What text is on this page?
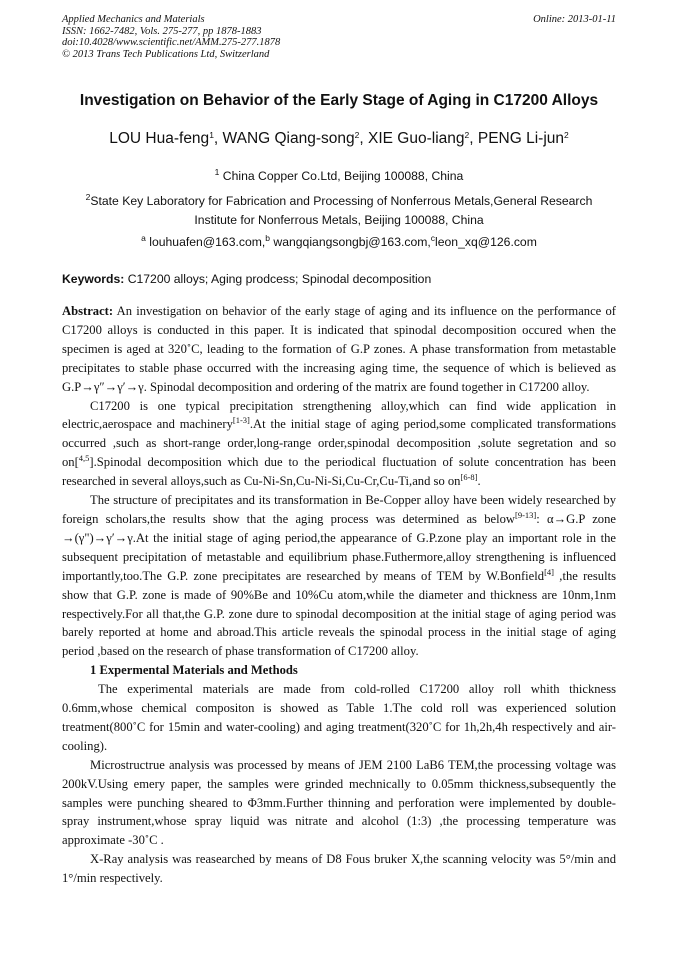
Applied Mechanics and Materials
ISSN: 1662-7482, Vols. 275-277, pp 1878-1883
doi:10.4028/www.scientific.net/AMM.275-277.1878
© 2013 Trans Tech Publications Ltd, Switzerland
Online: 2013-01-11
Investigation on Behavior of the Early Stage of Aging in C17200 Alloys
LOU Hua-feng$^1$, WANG Qiang-song$^2$, XIE Guo-liang$^2$, PENG Li-jun$^2$
$^1$ China Copper Co.Ltd, Beijing 100088, China
$^2$State Key Laboratory for Fabrication and Processing of Nonferrous Metals,General Research
Institute for Nonferrous Metals, Beijing 100088, China
$^a$ louhuafen@163.com,$^b$ wangqiangsongbj@163.com,$^c$leon_xq@126.com
Keywords: C17200 alloys; Aging prodcess; Spinodal decomposition

Abstract: An investigation on behavior of the early stage of aging and its influence on the performance of C17200 alloys is conducted in this paper. It is indicated that spinodal decomposition occured when the specimen is aged at 320˚C, leading to the formation of G.P zones. A phase transformation from metastable precipitates to stable phase occurred with the increasing aging time, the sequence of which is believed as G.P→γ″→γ′→γ. Spinodal decomposition and ordering of the matrix are found together in C17200 alloy.

C17200 is one typical precipitation strengthening alloy,which can find wide application in electric,aerospace and machinery[1-3].At the initial stage of aging period,some complicated transformations occurred ,such as short-range order,long-range order,spinodal decomposition ,solute segretation and so on[$^{4,5}$].Spinodal decomposition which due to the periodical fluctuation of solute concentration has been researched in several alloys,such as Cu-Ni-Sn,Cu-Ni-Si,Cu-Cr,Cu-Ti,and so on[6-8].

The structure of precipitates and its transformation in Be-Copper alloy have been widely researched by foreign scholars,the results show that the aging process was determined as below[9-13]: α→G.P zone →(γ")→γ′→γ.At the initial stage of aging period,the appearance of G.P.zone play an important role in the subsequent precipitation of metastable and equilibrium phase.Futhermore,alloy strengthening is influenced importantly,too.The G.P. zone precipitates are researched by means of TEM by W.Bonfield[4] ,the results show that G.P. zone is made of 90%Be and 10%Cu atom,while the diameter and thickness are 10nm,1nm respectively.For all that,the G.P. zone dure to spinodal decomposition at the initial stage of aging period was barely reported at home and abroad.This article reveals the spinodal process in the initial stage of aging period ,based on the research of phase transformation of C17200 alloy.

1 Expermental Materials and Methods

The experimental materials are made from cold-rolled C17200 alloy roll whith thickness 0.6mm,whose chemical compositon is showed as Table 1.The cold roll was experienced solution treatment(800˚C for 15min and water-cooling) and aging treatment(320˚C for 1h,2h,4h respectively and air-cooling).

Microstructrue analysis was processed by means of JEM 2100 LaB6 TEM,the processing voltage was 200kV.Using emery paper, the samples were grinded mechnically to 0.05mm thickness,subsequently the samples were punching sheared to Φ3mm.Further thinning and perforation were implemented by double-spray instrument,whose spray liquid was nitrate and alcohol (1:3) ,the processing temperature was approximate -30˚C .

X-Ray analysis was reasearched by means of D8 Fous bruker X,the scanning velocity was 5°/min and 1°/min respectively.
